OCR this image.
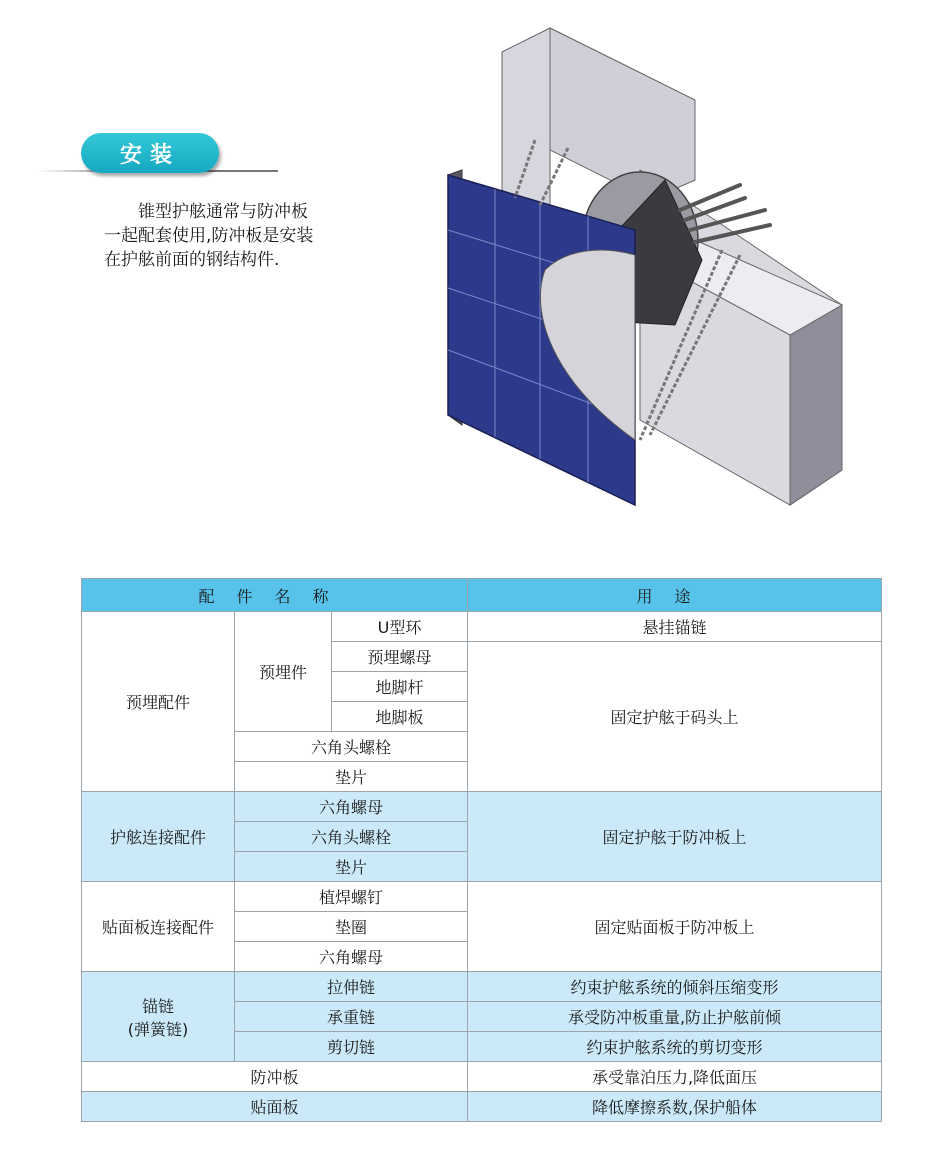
安装
锥型护舷通常与防冲板一起配套使用,防冲板是安装在护舷前面的钢结构件.
配件名称			用途
预埋配件	预埋件	U型环	悬挂锚链
		预埋螺母	固定护舷于码头上
		地脚杆	
		地脚板	
	六角头螺栓		
	垫片		
护舷连接配件	六角螺母		固定护舷于防冲板上
	六角头螺栓		
	垫片		
贴面板连接配件	植焊螺钉		固定贴面板于防冲板上
	垫圈		
	六角螺母		

锚链
(弹簧链)	拉伸链		约束护舷系统的倾斜压缩变形
	承重链		承受防冲板重量,防止护舷前倾
	剪切链		约束护舷系统的剪切变形
防冲板			承受靠泊压力,降低面压
贴面板			降低摩擦系数,保护船体
